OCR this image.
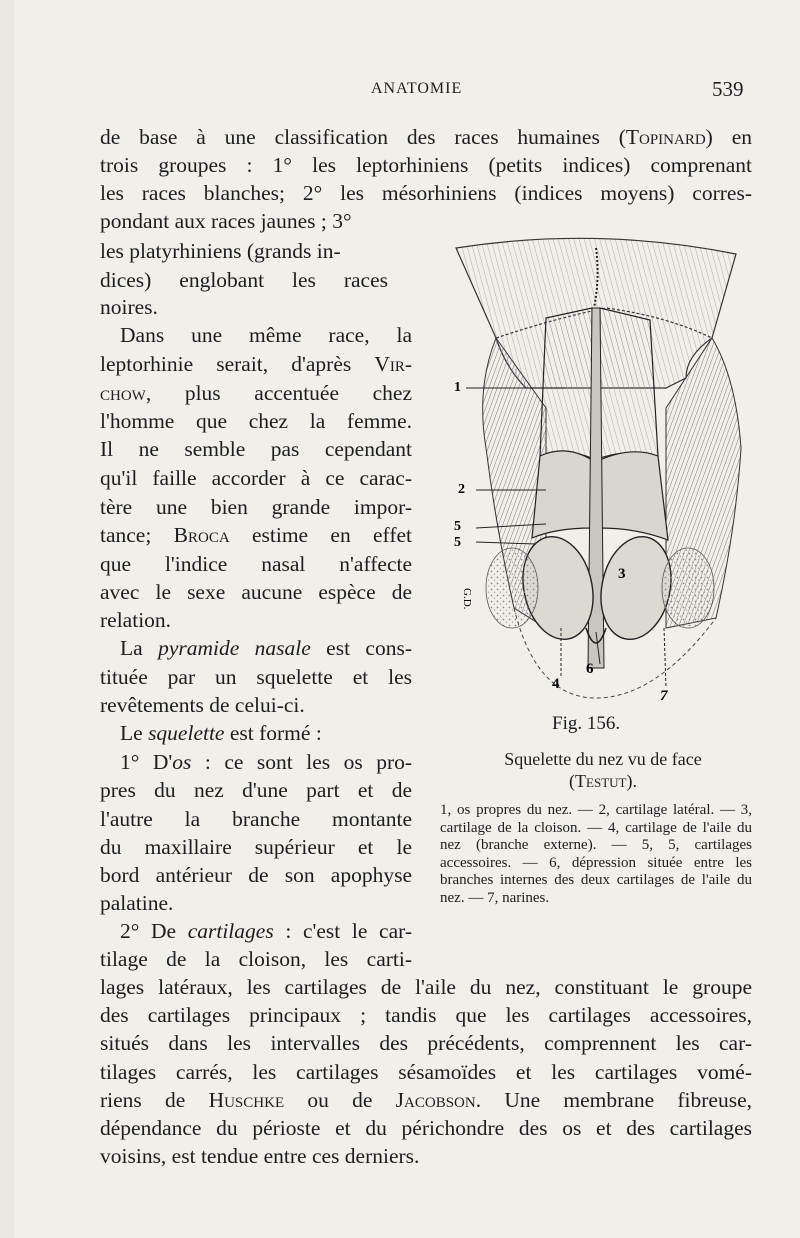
ANATOMIE	539
de base à une classification des races humaines (Topinard) en
trois groupes : 1° les leptorhiniens (petits indices) comprenant
les races blanches; 2° les mésorhiniens (indices moyens) corres-
pondant aux races jaunes ; 3°
les platyrhiniens (grands in-
dices) englobant les races
noires.
Dans une même race, la
leptorhinie serait, d'après Vir-
chow, plus accentuée chez
l'homme que chez la femme.
Il ne semble pas cependant
qu'il faille accorder à ce carac-
tère une bien grande impor-
tance; Broca estime en effet
que l'indice nasal n'affecte
avec le sexe aucune espèce de
relation.
La pyramide nasale est cons-
tituée par un squelette et les
revêtements de celui-ci.
Le squelette est formé :
1° D'os : ce sont les os pro-
pres du nez d'une part et de
l'autre la branche montante
du maxillaire supérieur et le
bord antérieur de son apophyse
palatine.
2° De cartilages : c'est le car-
tilage de la cloison, les carti-
lages latéraux, les cartilages de l'aile du nez, constituant le groupe
des cartilages principaux ; tandis que les cartilages accessoires,
situés dans les intervalles des précédents, comprennent les car-
tilages carrés, les cartilages sésamoïdes et les cartilages vomé-
riens de Huschke ou de Jacobson. Une membrane fibreuse,
dépendance du périoste et du périchondre des os et des cartilages
voisins, est tendue entre ces derniers.
1
2
5
5
3
6
4
7
G.D.
Fig. 156.
Squelette du nez vu de face
(Testut).
1, os propres du nez. — 2, cartilage latéral. — 3, cartilage de la cloison. — 4, cartilage de l'aile du nez (branche externe). — 5, 5, cartilages accessoires. — 6, dépression située entre les branches internes des deux cartilages de l'aile du nez. — 7, narines.
